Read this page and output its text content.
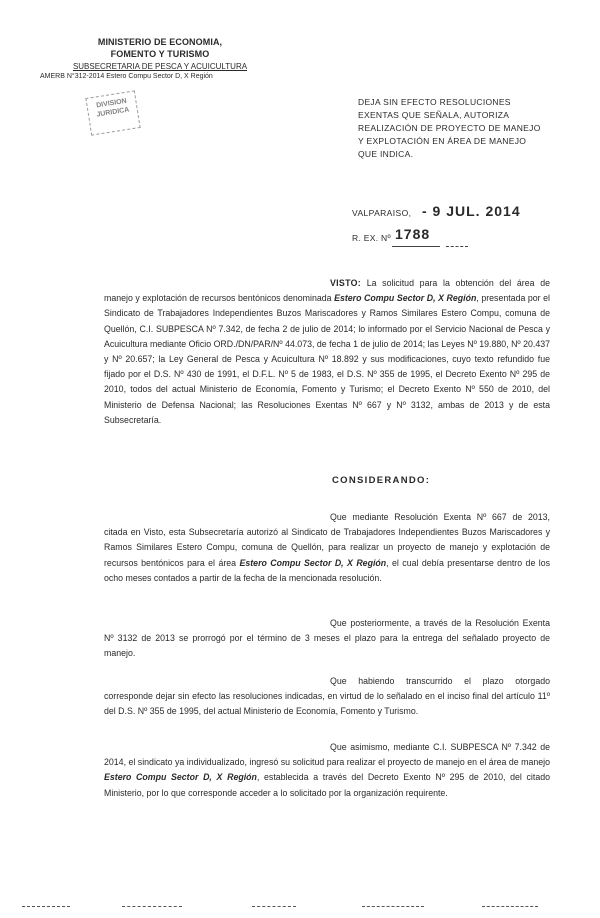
MINISTERIO DE ECONOMIA,
FOMENTO Y TURISMO
SUBSECRETARIA DE PESCA Y ACUICULTURA
AMERB N°312-2014 Estero Compu Sector D, X Región
DIVISION JURIDICA
DEJA SIN EFECTO RESOLUCIONES EXENTAS QUE SEÑALA, AUTORIZA REALIZACIÓN DE PROYECTO DE MANEJO Y EXPLOTACIÓN EN ÁREA DE MANEJO QUE INDICA.
VALPARAISO, - 9 JUL. 2014
R. EX. Nº 1788
VISTO: La solicitud para la obtención del área de manejo y explotación de recursos bentónicos denominada Estero Compu Sector D, X Región, presentada por el Sindicato de Trabajadores Independientes Buzos Mariscadores y Ramos Similares Estero Compu, comuna de Quellón, C.I. SUBPESCA Nº 7.342, de fecha 2 de julio de 2014; lo informado por el Servicio Nacional de Pesca y Acuicultura mediante Oficio ORD./DN/PAR/Nº 44.073, de fecha 1 de julio de 2014; las Leyes Nº 19.880, Nº 20.437 y Nº 20.657; la Ley General de Pesca y Acuicultura Nº 18.892 y sus modificaciones, cuyo texto refundido fue fijado por el D.S. Nº 430 de 1991, el D.F.L. Nº 5 de 1983, el D.S. Nº 355 de 1995, el Decreto Exento Nº 295 de 2010, todos del actual Ministerio de Economía, Fomento y Turismo; el Decreto Exento Nº 550 de 2010, del Ministerio de Defensa Nacional; las Resoluciones Exentas Nº 667 y Nº 3132, ambas de 2013 y de esta Subsecretaría.
CONSIDERANDO:
Que mediante Resolución Exenta Nº 667 de 2013, citada en Visto, esta Subsecretaría autorizó al Sindicato de Trabajadores Independientes Buzos Mariscadores y Ramos Similares Estero Compu, comuna de Quellón, para realizar un proyecto de manejo y explotación de recursos bentónicos para el área Estero Compu Sector D, X Región, el cual debía presentarse dentro de los ocho meses contados a partir de la fecha de la mencionada resolución.
Que posteriormente, a través de la Resolución Exenta Nº 3132 de 2013 se prorrogó por el término de 3 meses el plazo para la entrega del señalado proyecto de manejo.
Que habiendo transcurrido el plazo otorgado corresponde dejar sin efecto las resoluciones indicadas, en virtud de lo señalado en el inciso final del artículo 11º del D.S. Nº 355 de 1995, del actual Ministerio de Economía, Fomento y Turismo.
Que asimismo, mediante C.I. SUBPESCA Nº 7.342 de 2014, el sindicato ya individualizado, ingresó su solicitud para realizar el proyecto de manejo en el área de manejo Estero Compu Sector D, X Región, establecida a través del Decreto Exento Nº 295 de 2010, del citado Ministerio, por lo que corresponde acceder a lo solicitado por la organización requirente.
